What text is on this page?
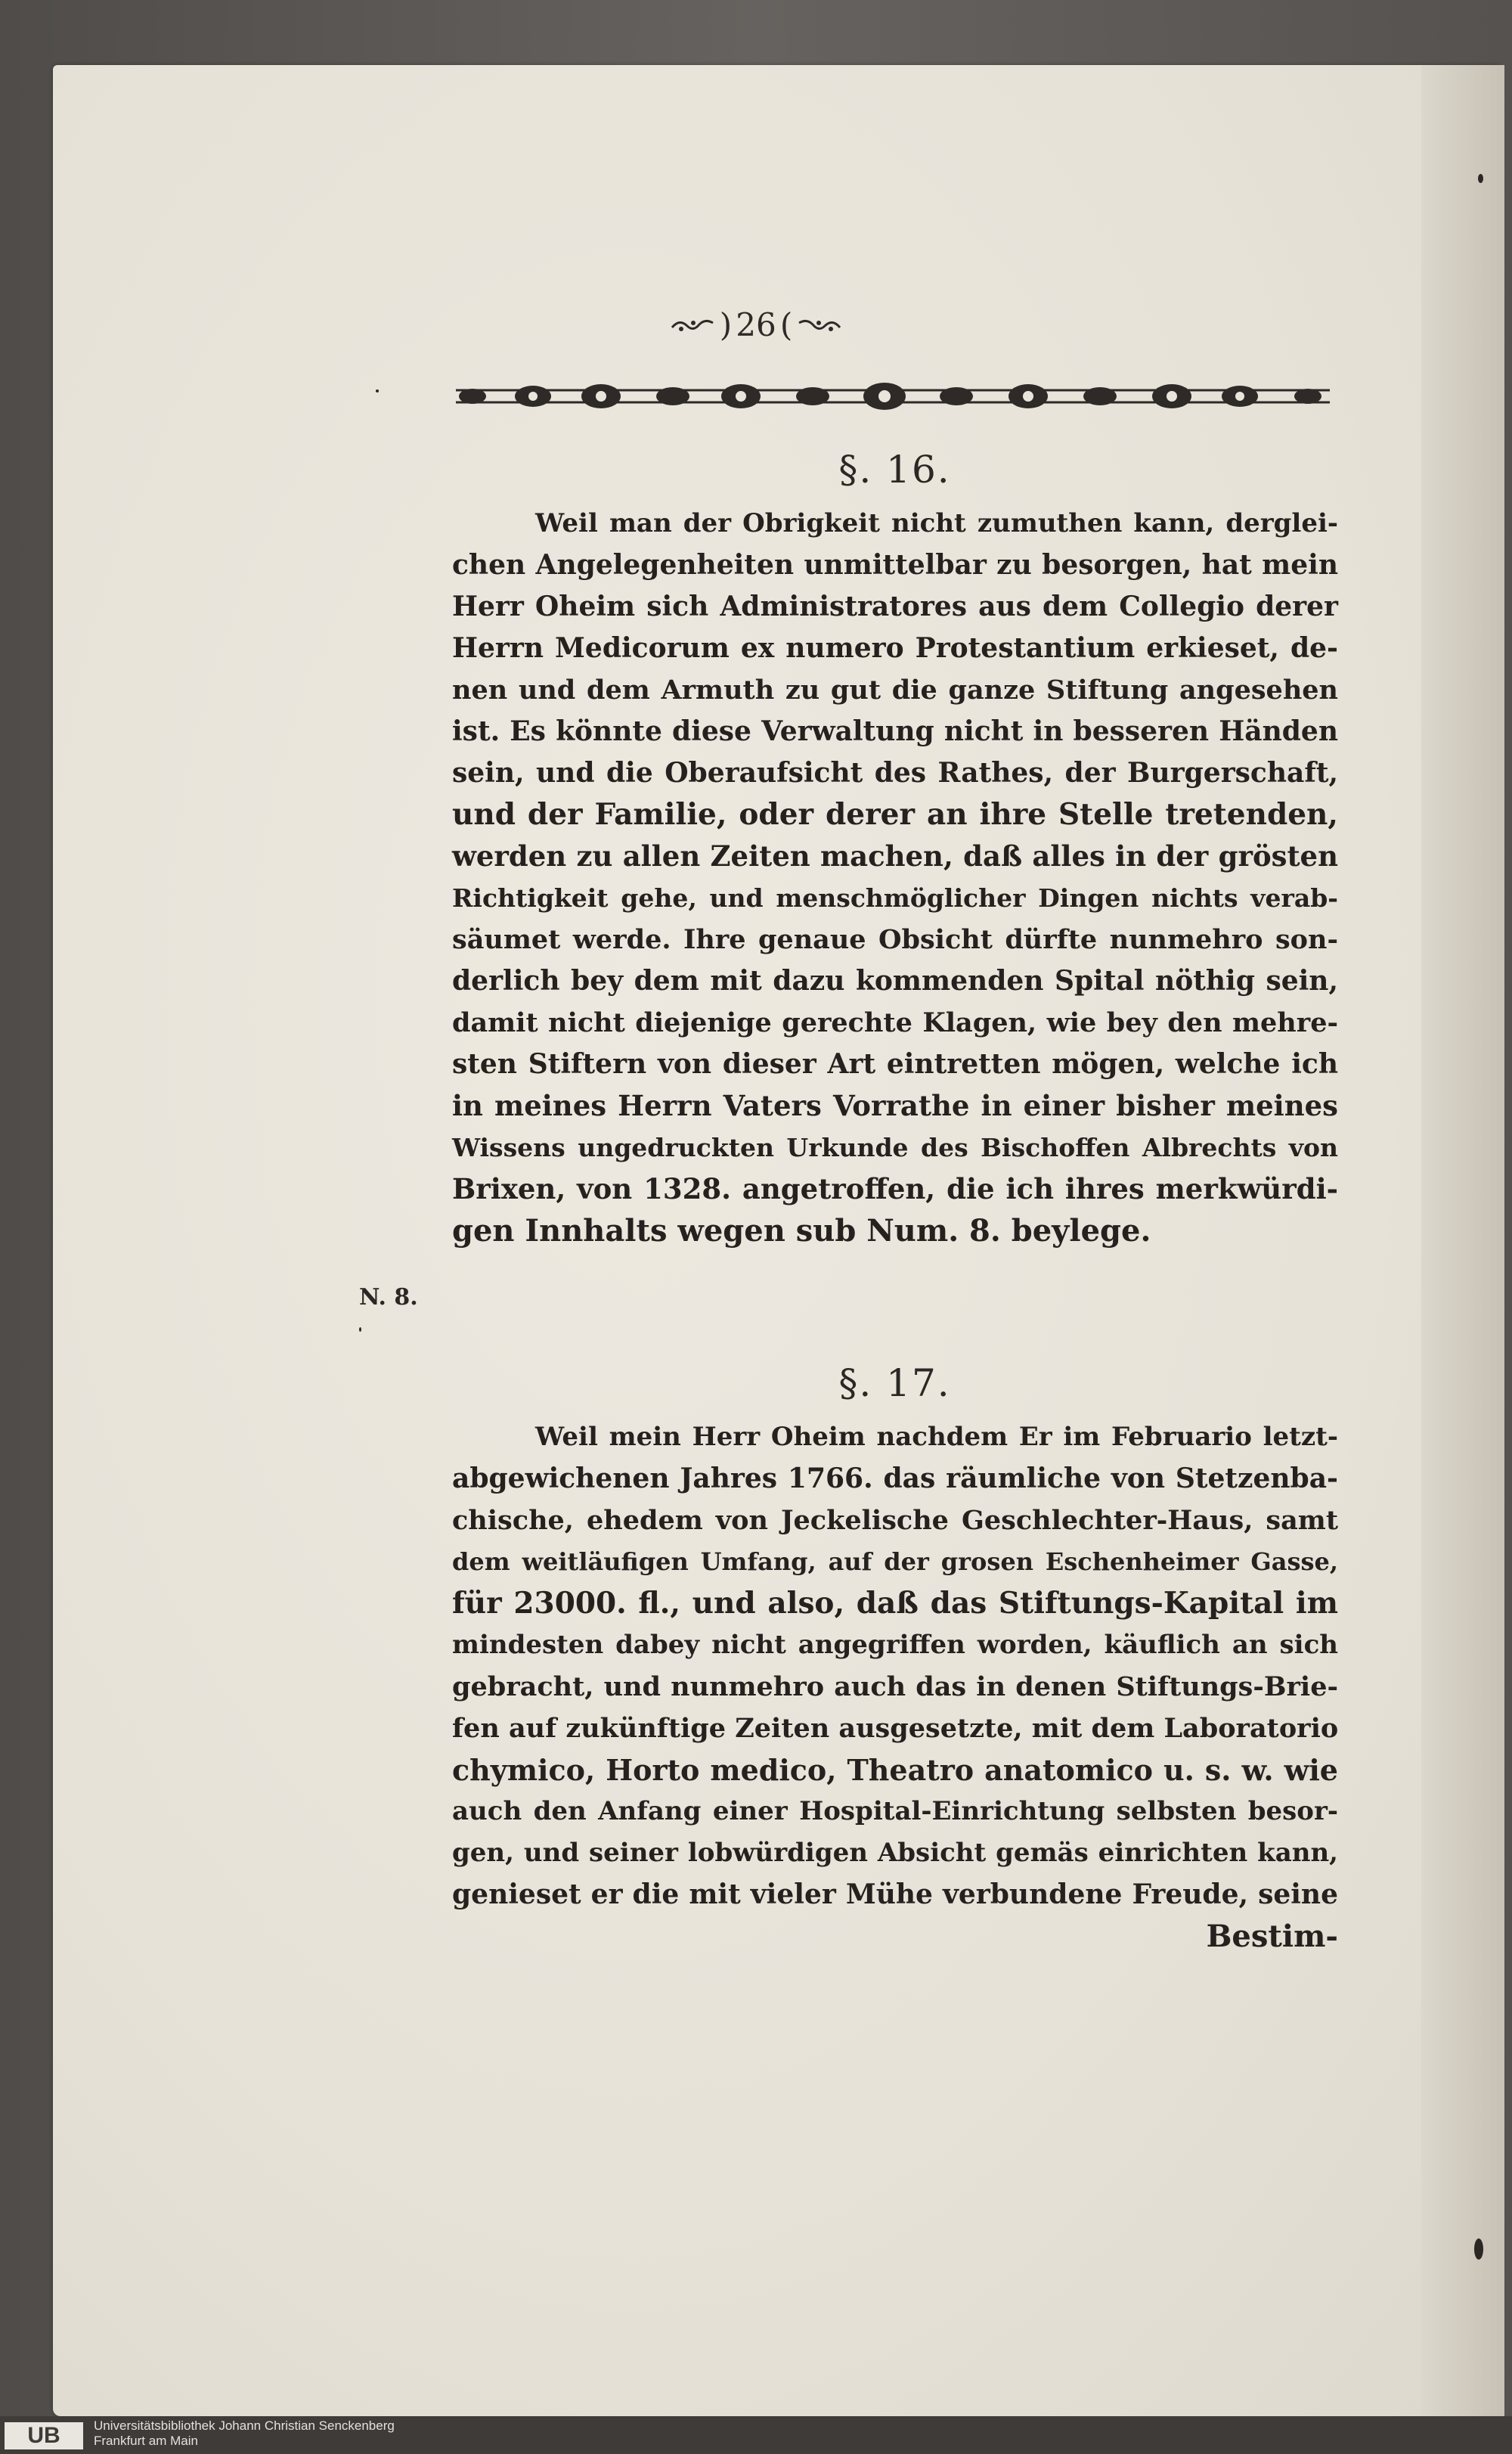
) 26 (
§. 16.
Weil man der Obrigkeit nicht zumuthen kann, derglei-
chen Angelegenheiten unmittelbar zu besorgen, hat mein
Herr Oheim sich Administratores aus dem Collegio derer
Herrn Medicorum ex numero Protestantium erkieset, de-
nen und dem Armuth zu gut die ganze Stiftung angesehen
ist. Es könnte diese Verwaltung nicht in besseren Händen
sein, und die Oberaufsicht des Rathes, der Burgerschaft,
und der Familie, oder derer an ihre Stelle tretenden,
werden zu allen Zeiten machen, daß alles in der grösten
Richtigkeit gehe, und menschmöglicher Dingen nichts verab-
säumet werde. Ihre genaue Obsicht dürfte nunmehro son-
derlich bey dem mit dazu kommenden Spital nöthig sein,
damit nicht diejenige gerechte Klagen, wie bey den mehre-
sten Stiftern von dieser Art eintretten mögen, welche ich
in meines Herrn Vaters Vorrathe in einer bisher meines
Wissens ungedruckten Urkunde des Bischoffen Albrechts von
Brixen, von 1328. angetroffen, die ich ihres merkwürdi-
gen Innhalts wegen sub Num. 8. beylege.
N. 8.
§. 17.
Weil mein Herr Oheim nachdem Er im Februario letzt-
abgewichenen Jahres 1766. das räumliche von Stetzenba-
chische, ehedem von Jeckelische Geschlechter-Haus, samt
dem weitläufigen Umfang, auf der grosen Eschenheimer Gasse,
für 23000. fl., und also, daß das Stiftungs-Kapital im
mindesten dabey nicht angegriffen worden, käuflich an sich
gebracht, und nunmehro auch das in denen Stiftungs-Brie-
fen auf zukünftige Zeiten ausgesetzte, mit dem Laboratorio
chymico, Horto medico, Theatro anatomico u. s. w. wie
auch den Anfang einer Hospital-Einrichtung selbsten besor-
gen, und seiner lobwürdigen Absicht gemäs einrichten kann,
genieset er die mit vieler Mühe verbundene Freude, seine
Bestim-
UB	Universitätsbibliothek Johann Christian Senckenberg
Frankfurt am Main
